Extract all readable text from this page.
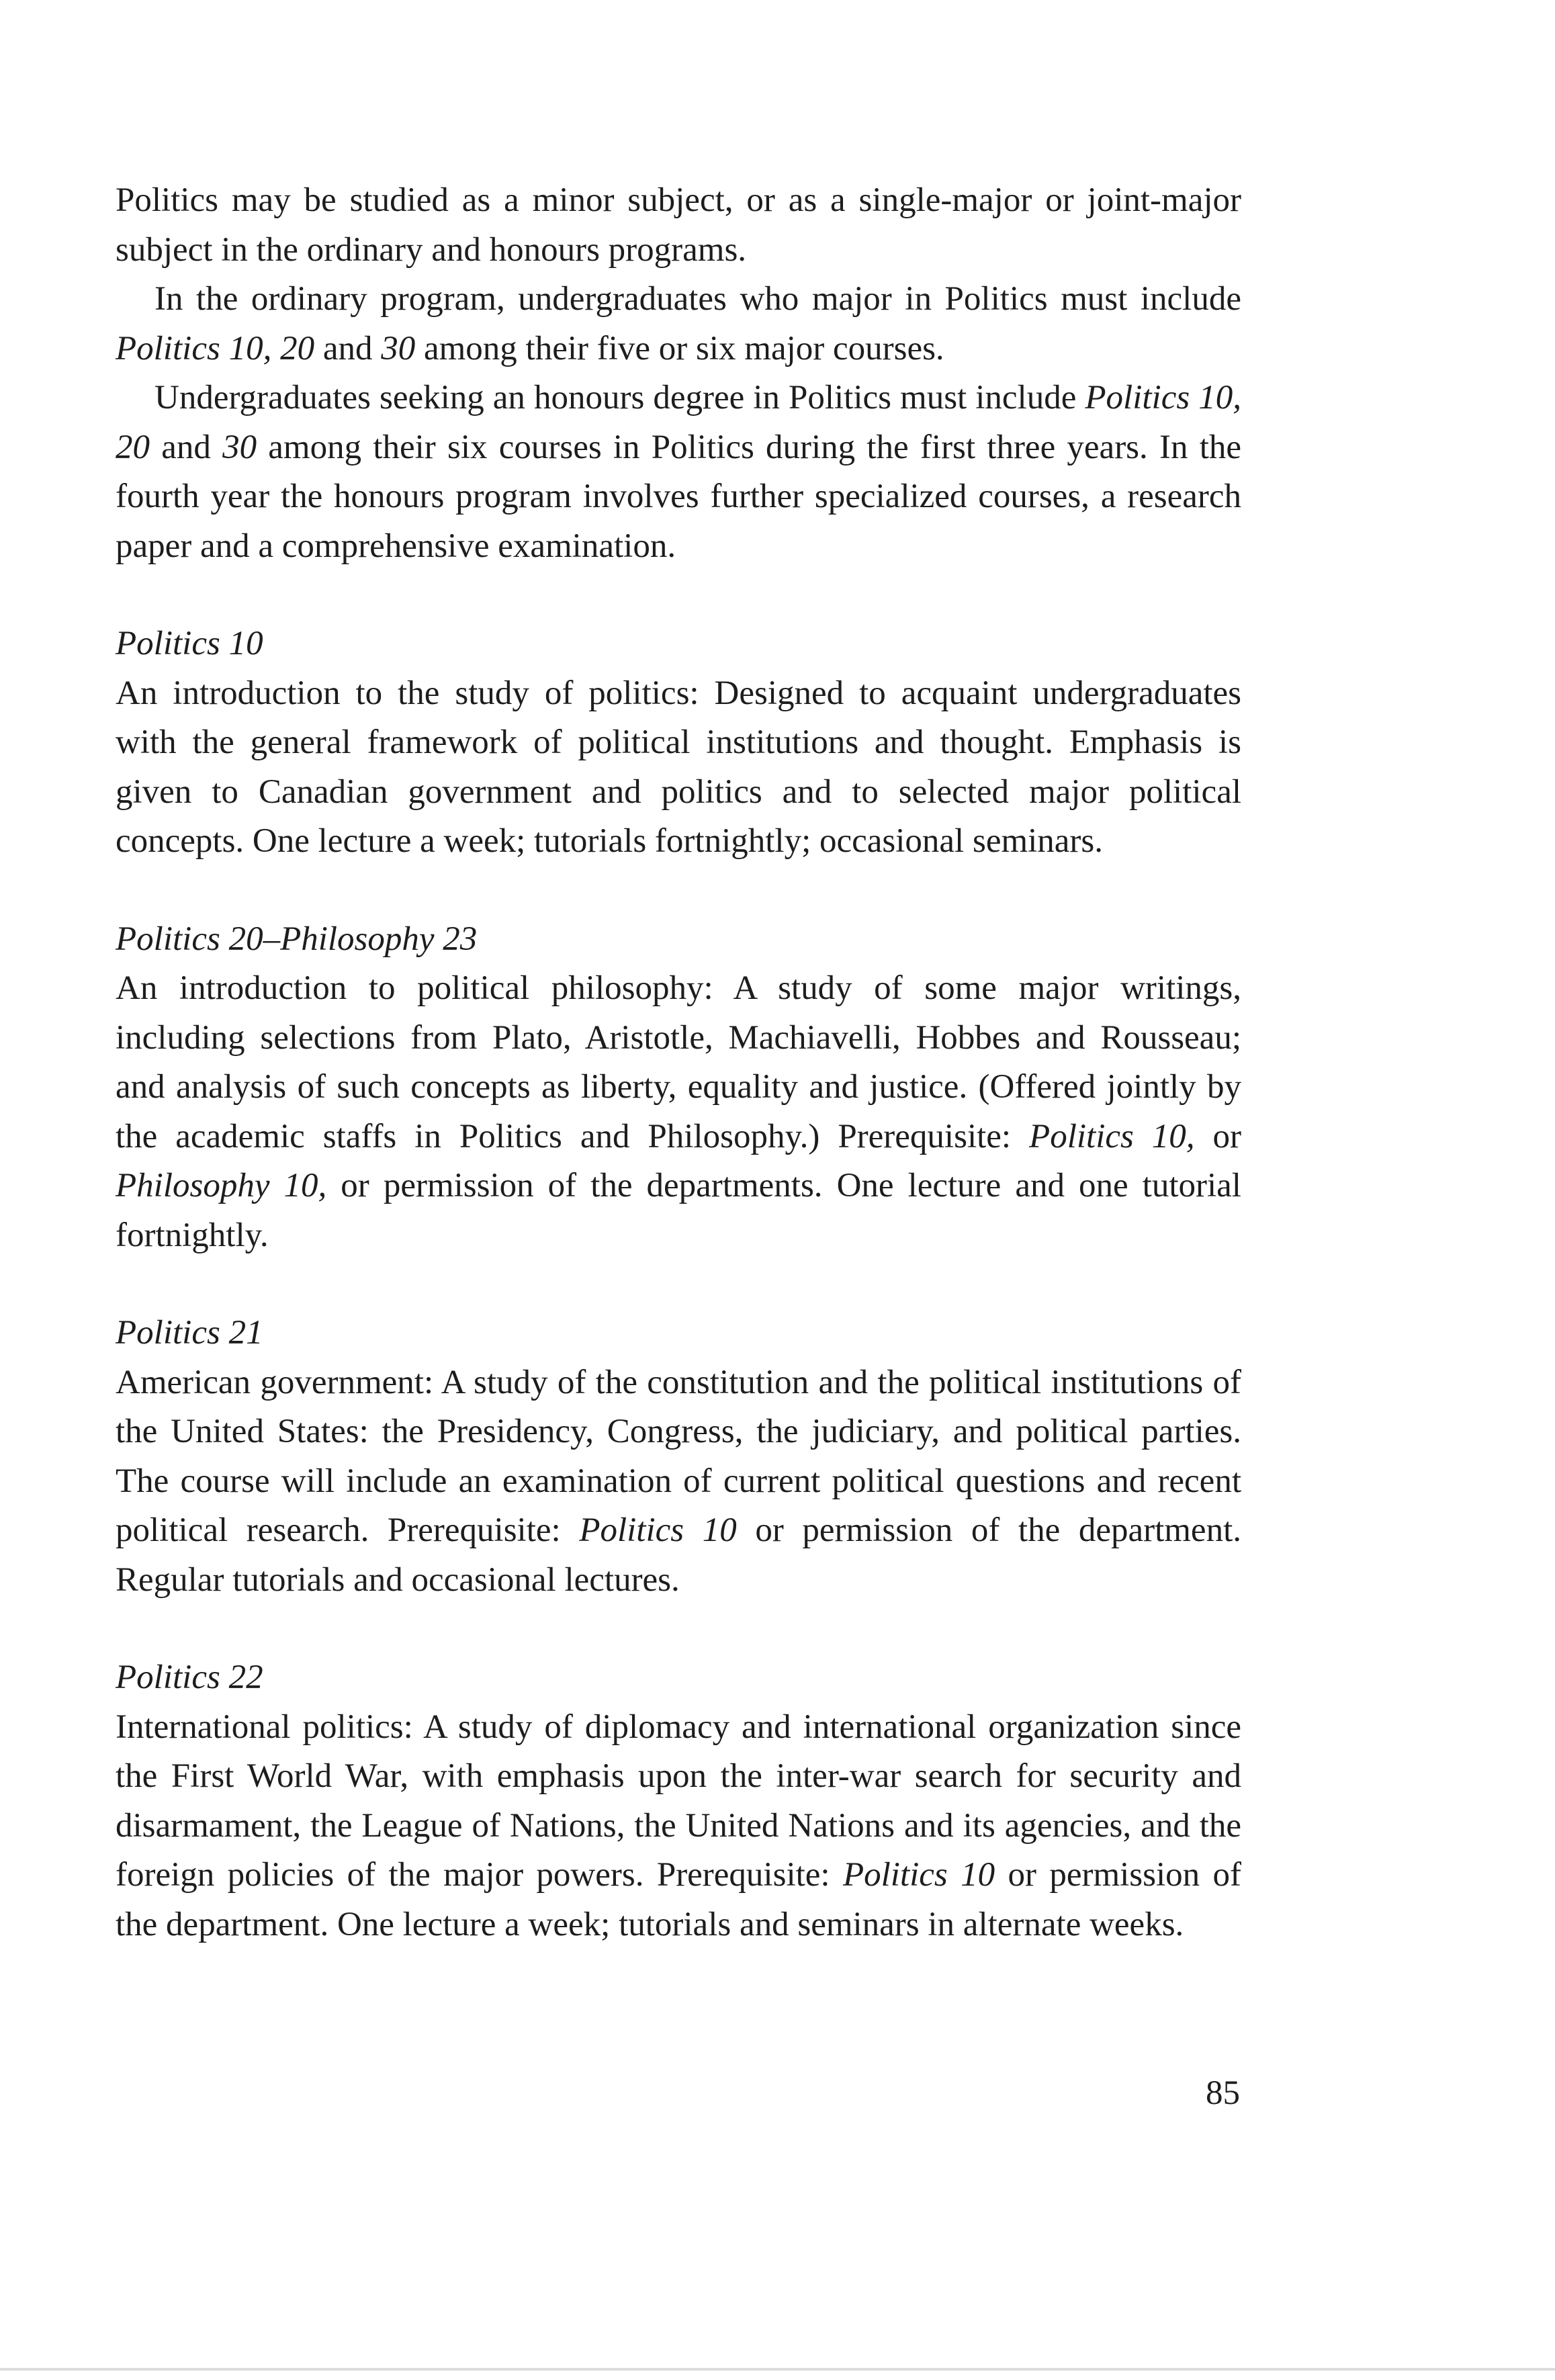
Politics may be studied as a minor subject, or as a single-major or joint-major subject in the ordinary and honours programs.

In the ordinary program, undergraduates who major in Politics must include Politics 10, 20 and 30 among their five or six major courses.

Undergraduates seeking an honours degree in Politics must include Politics 10, 20 and 30 among their six courses in Politics during the first three years. In the fourth year the honours program involves further specialized courses, a research paper and a comprehensive examination.

Politics 10

An introduction to the study of politics: Designed to acquaint undergraduates with the general framework of political institutions and thought. Emphasis is given to Canadian government and politics and to selected major political concepts. One lecture a week; tutorials fortnightly; occasional seminars.

Politics 20–Philosophy 23

An introduction to political philosophy: A study of some major writings, including selections from Plato, Aristotle, Machiavelli, Hobbes and Rousseau; and analysis of such concepts as liberty, equality and justice. (Offered jointly by the academic staffs in Politics and Philosophy.) Prerequisite: Politics 10, or Philosophy 10, or permission of the departments. One lecture and one tutorial fortnightly.

Politics 21

American government: A study of the constitution and the political institutions of the United States: the Presidency, Congress, the judiciary, and political parties. The course will include an examination of current political questions and recent political research. Prerequisite: Politics 10 or permission of the department. Regular tutorials and occasional lectures.

Politics 22

International politics: A study of diplomacy and international organization since the First World War, with emphasis upon the inter-war search for security and disarmament, the League of Nations, the United Nations and its agencies, and the foreign policies of the major powers. Prerequisite: Politics 10 or permission of the department. One lecture a week; tutorials and seminars in alternate weeks.

85
